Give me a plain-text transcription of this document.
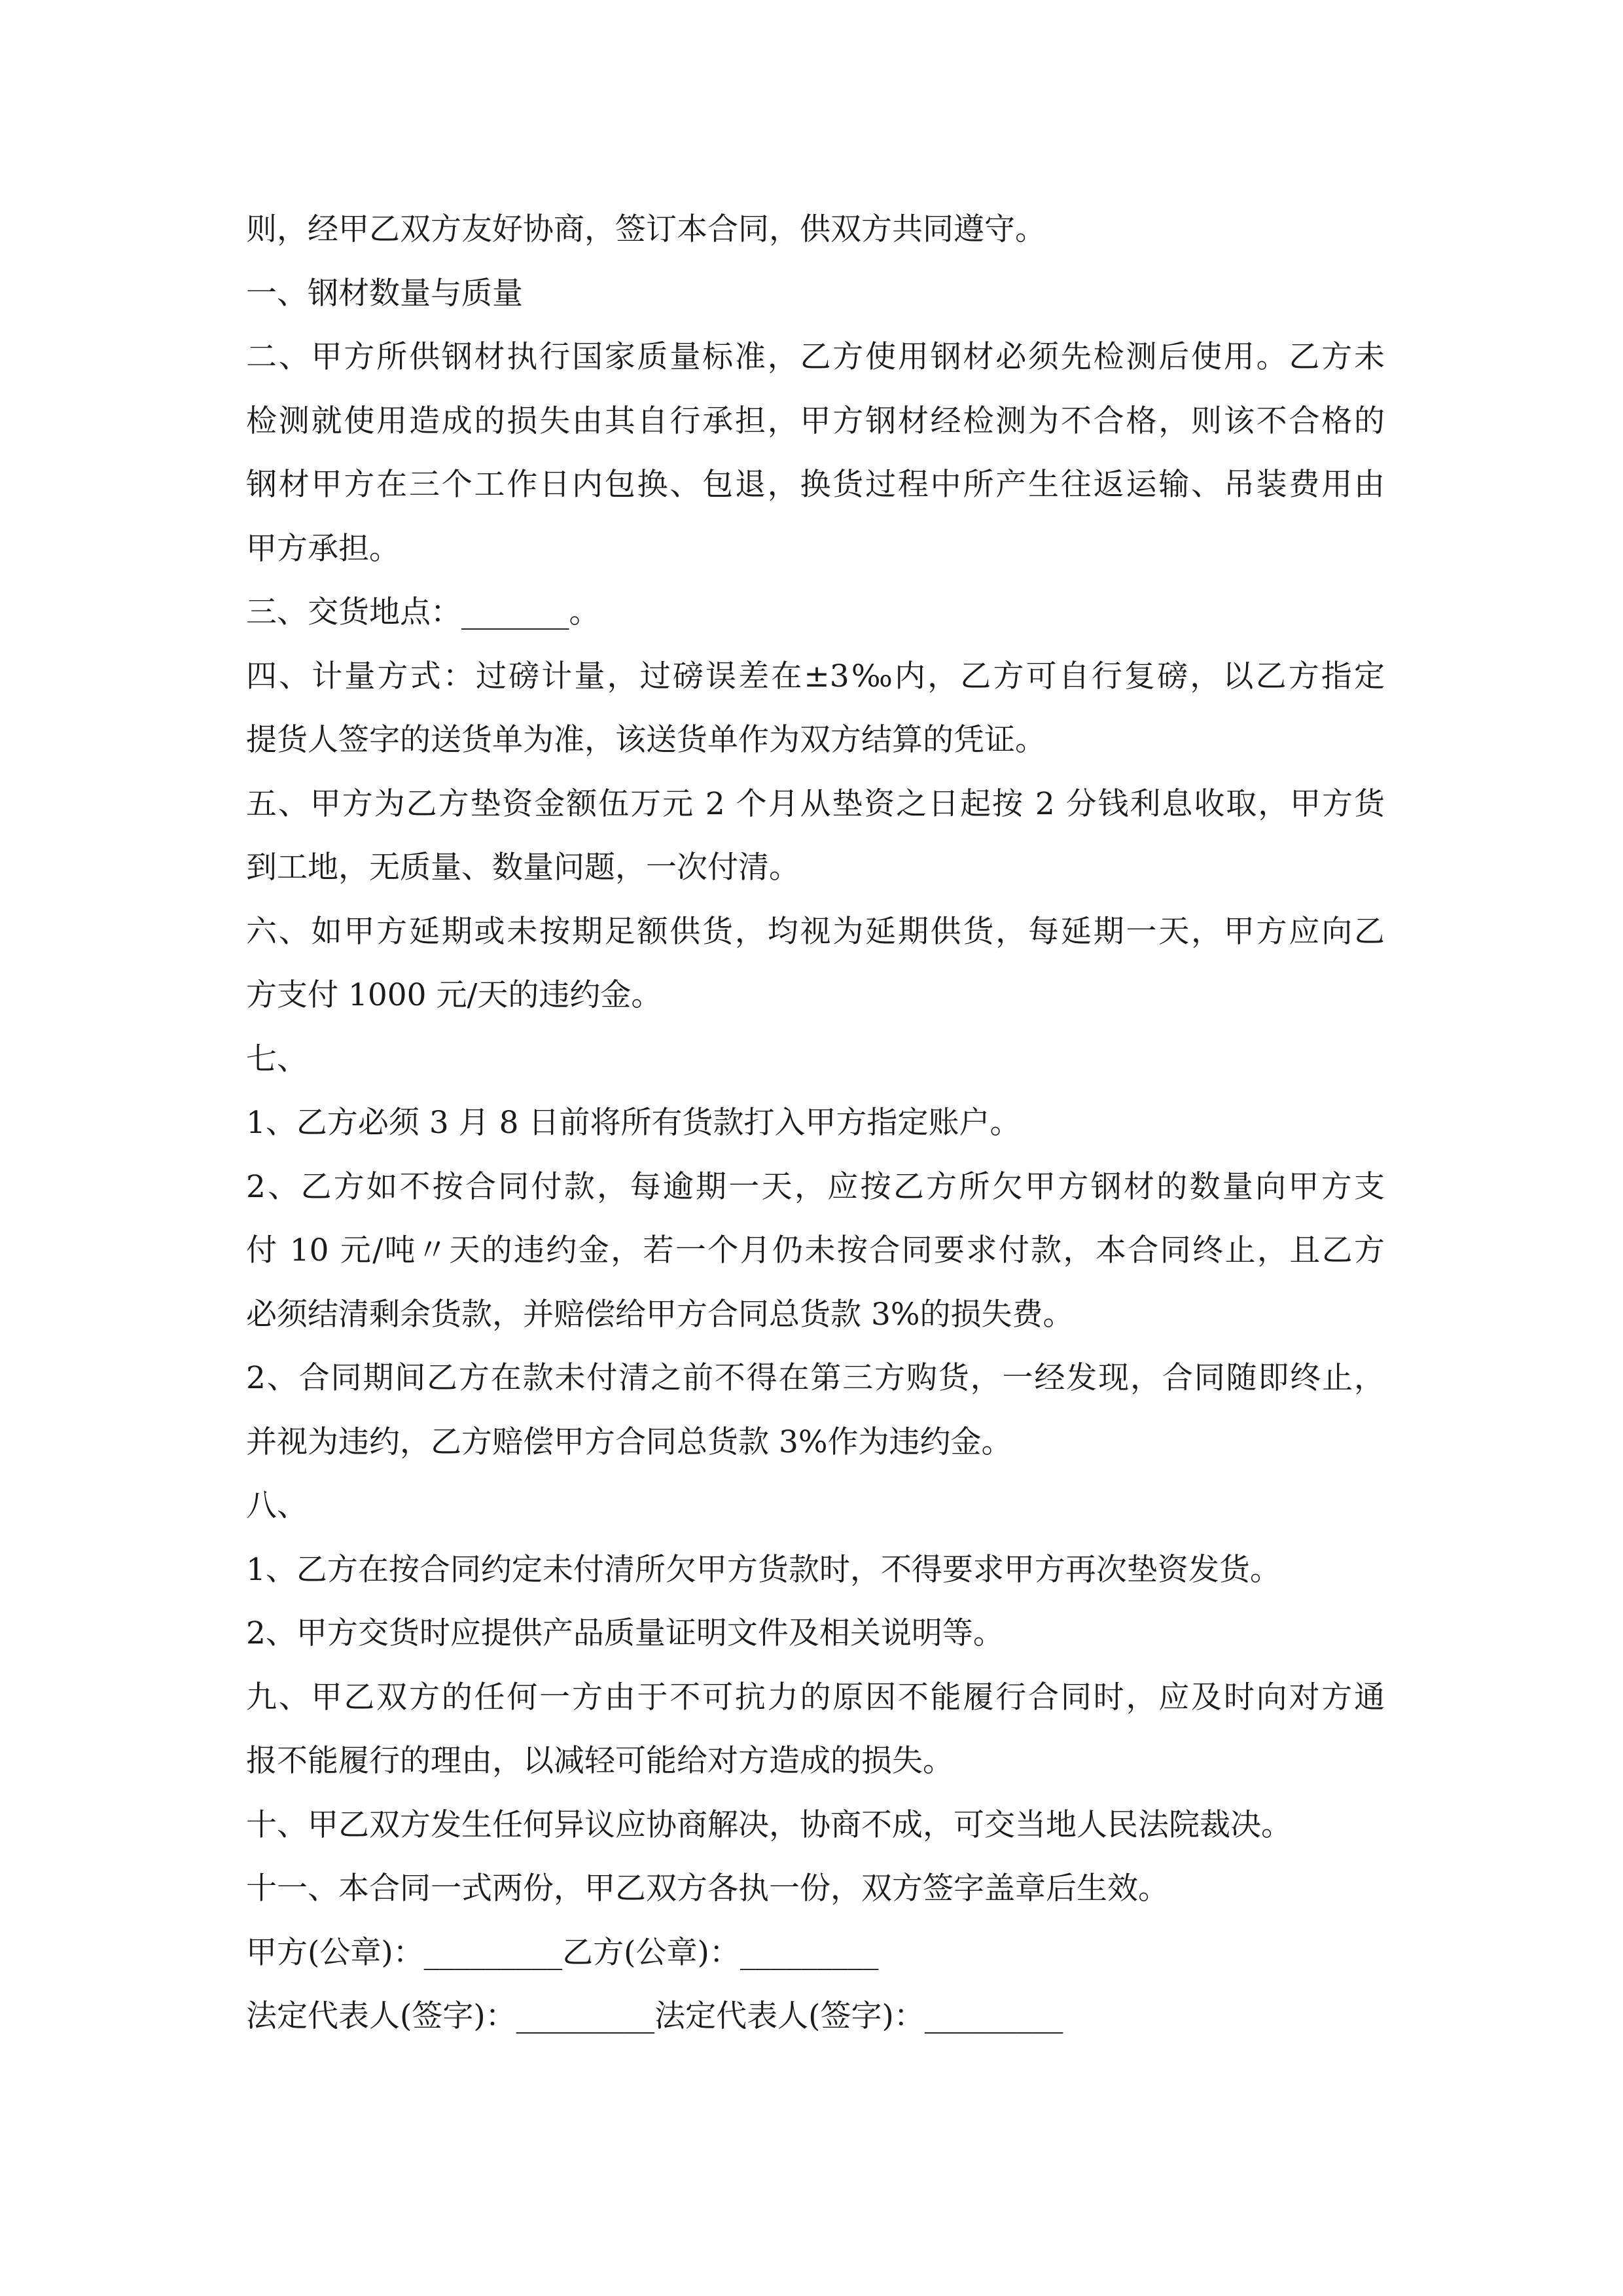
则，经甲乙双方友好协商，签订本合同，供双方共同遵守。
一、钢材数量与质量
二、甲方所供钢材执行国家质量标准，乙方使用钢材必须先检测后使用。乙方未
检测就使用造成的损失由其自行承担，甲方钢材经检测为不合格，则该不合格的
钢材甲方在三个工作日内包换、包退，换货过程中所产生往返运输、吊装费用由
甲方承担。
三、交货地点：_______。
四、计量方式：过磅计量，过磅误差在±3‰内，乙方可自行复磅，以乙方指定
提货人签字的送货单为准，该送货单作为双方结算的凭证。
五、甲方为乙方垫资金额伍万元 2 个月从垫资之日起按 2 分钱利息收取，甲方货
到工地，无质量、数量问题，一次付清。
六、如甲方延期或未按期足额供货，均视为延期供货，每延期一天，甲方应向乙
方支付 1000 元/天的违约金。
七、
1、乙方必须 3 月 8 日前将所有货款打入甲方指定账户。
2、乙方如不按合同付款，每逾期一天，应按乙方所欠甲方钢材的数量向甲方支
付 10 元/吨〃天的违约金，若一个月仍未按合同要求付款，本合同终止，且乙方
必须结清剩余货款，并赔偿给甲方合同总货款 3%的损失费。
2、合同期间乙方在款未付清之前不得在第三方购货，一经发现，合同随即终止，
并视为违约，乙方赔偿甲方合同总货款 3%作为违约金。
八、
1、乙方在按合同约定未付清所欠甲方货款时，不得要求甲方再次垫资发货。
2、甲方交货时应提供产品质量证明文件及相关说明等。
九、甲乙双方的任何一方由于不可抗力的原因不能履行合同时，应及时向对方通
报不能履行的理由，以减轻可能给对方造成的损失。
十、甲乙双方发生任何异议应协商解决，协商不成，可交当地人民法院裁决。
十一、本合同一式两份，甲乙双方各执一份，双方签字盖章后生效。
甲方(公章)：_________乙方(公章)：_________
法定代表人(签字)：_________法定代表人(签字)：_________
